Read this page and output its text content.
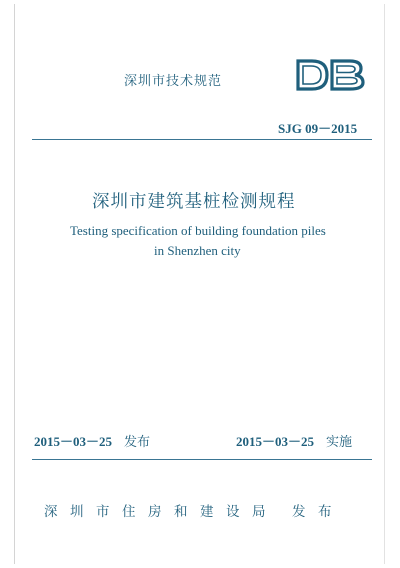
深圳市技术规范
SJG 09－2015
深圳市建筑基桩检测规程
Testing specification of building foundation piles
in Shenzhen city
2015－03－25 发布	2015－03－25 实施
深圳市住房和建设局 发布
